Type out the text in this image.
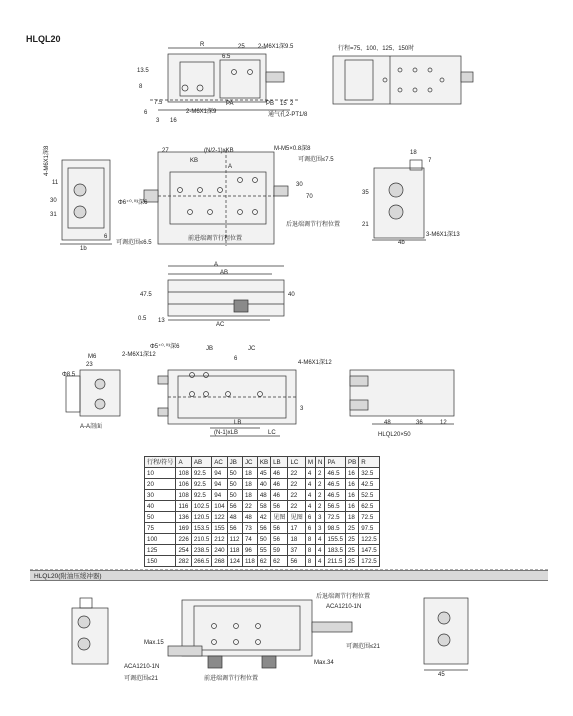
HLQL20
R	25 2-M6X1深9.5
6.5
13.5
8
7.5
6
3 16
2-M6X1深9
PA	PB 15 2
通气孔2-PT1/8
行程=75、100、125、150时
4-M6X1深8
11
30
31
6
1b
可调范围≤6.5
27	(N/2-1)xKB
KB
A
M-M5×0.8深8
可调范围≤7.5
Φ6⁺⁰·⁰³深6
30
70
后退端调节行程位置
前进端调节行程位置
18
7
35
21
4b
3-M6X1深13
A
AB
AC
13
0.5
47.5	40
M6
Φ8.5
2-M6X1深12
23
A-A剖面
Φ5⁺⁰·⁰³深6	JB	JC
6
4-M6X1深12
3
LB
(N-1)xLB	LC
48	36	12
HLQL20×50
行程/符号	A	AB	AC	JB	JC	KB	LB	LC	M	N	PA	PB	R
10	108	92.5	94	50	18	45	46	22	4	2	46.5	16	32.5
20	106	92.5	94	50	18	40	46	22	4	2	46.5	16	42.5
30	108	92.5	94	50	18	48	46	22	4	2	46.5	16	52.5
40	116	102.5	104	56	22	58	56	22	4	2	56.5	16	62.5
50	136	120.5	122	48	48	42	见图	见图	6	3	72.5	18	72.5
75	169	153.5	155	56	73	56	56	17	6	3	98.5	25	97.5
100	226	210.5	212	112	74	50	56	18	8	4	155.5	25	122.5
125	254	238.5	240	118	96	55	59	37	8	4	183.5	25	147.5
150	282	266.5	268	124	118	62	62	56	8	4	211.5	25	172.5
HLQL20(附油压缓冲器)
后退端调节行程位置
ACA1210-1N
Max.15
可调范围≤21
Max.34
ACA1210-1N
可调范围≤21	前进端调节行程位置
45
